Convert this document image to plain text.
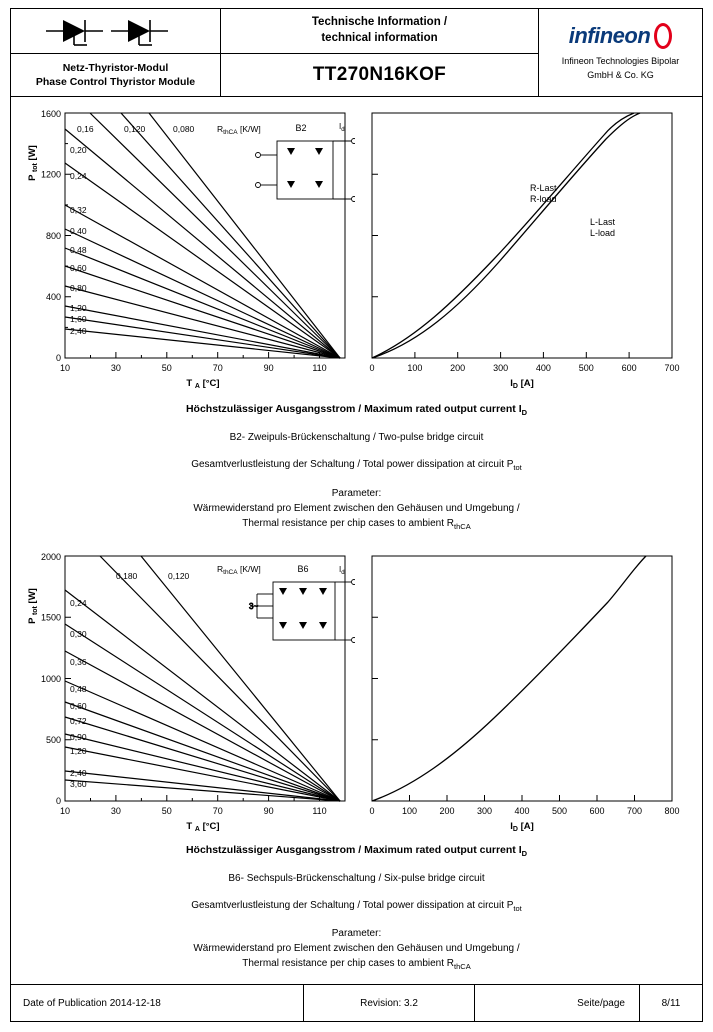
Netz-Thyristor-Modul
Phase Control Thyristor Module
Technische Information /
technical information
TT270N16KOF
infineon
Infineon Technologies Bipolar
GmbH & Co. KG
0
400
800
1200
1600
10	30	50	70	90	110
T $_A$ [°C]
P $_{tot}$ [W]
0,16	0,120	0,080
0,20
0,24
0,32
0,40
0,48
0,60
0,80
1,20
1,60
2,40
$R_{thCA}$ [K/W]	B2	$I_d$
0	100	200	300	400	500	600	700
$I_D$ [A]
R-Last
R-load
L-Last
L-load
Höchstzulässiger Ausgangsstrom / Maximum rated output current $I_D$
B2- Zweipuls-Brückenschaltung / Two-pulse bridge circuit
Gesamtverlustleistung der Schaltung / Total power dissipation at circuit $P_{tot}$
Parameter:
Wärmewiderstand pro Element zwischen den Gehäusen und Umgebung /
Thermal resistance per chip cases to ambient $R_{thCA}$
0
500
1000
1500
2000
10	30	50	70	90	110
T $_A$ [°C]
P $_{tot}$ [W]
0,180	0,120
0,24
0,30
0,36
0,48
0,60
0,72
0,90
1,20
2,40
3,60
$R_{thCA}$ [K/W]	B6	$I_d$
3~
0	100 200 300 400 500 600 700 800
$I_D$ [A]
Höchstzulässiger Ausgangsstrom / Maximum rated output current $I_D$
B6- Sechspuls-Brückenschaltung / Six-pulse bridge circuit
Gesamtverlustleistung der Schaltung / Total power dissipation at circuit $P_{tot}$
Parameter:
Wärmewiderstand pro Element zwischen den Gehäusen und Umgebung /
Thermal resistance per chip cases to ambient $R_{thCA}$
Date of Publication 2014-12-18	Revision: 3.2	Seite/page	8/11
